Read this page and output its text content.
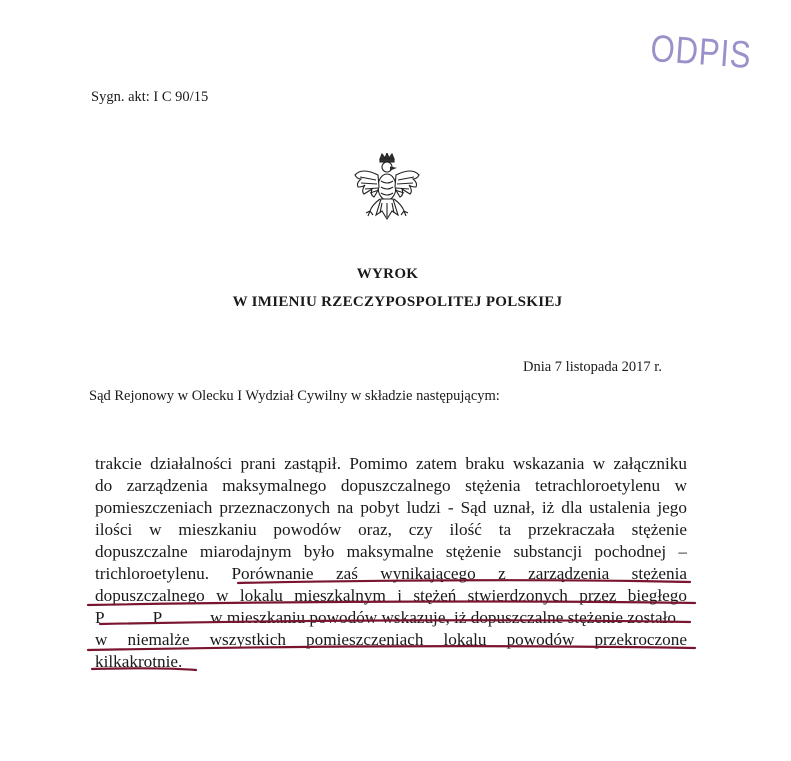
ODPIS
Sygn. akt: I C 90/15
WYROK
W IMIENIU RZECZYPOSPOLITEJ POLSKIEJ
Dnia 7 listopada 2017 r.
Sąd Rejonowy w Olecku I Wydział Cywilny w składzie następującym:
trakcie działalności prani zastąpił. Pomimo zatem braku wskazania w załączniku
do zarządzenia maksymalnego dopuszczalnego stężenia tetrachloroetylenu w
pomieszczeniach przeznaczonych na pobyt ludzi - Sąd uznał, iż dla ustalenia jego
ilości w mieszkaniu powodów oraz, czy ilość ta przekraczała stężenie
dopuszczalne miarodajnym było maksymalne stężenie substancji pochodnej –
trichloroetylenu. Porównanie zaś wynikającego z zarządzenia stężenia
dopuszczalnego w lokalu mieszkalnym i stężeń stwierdzonych przez biegłego
P	P	w mieszkaniu powodów wskazuje, iż dopuszczalne stężenie zostało
w niemalże wszystkich pomieszczeniach lokalu powodów przekroczone
kilkakrotnie.
